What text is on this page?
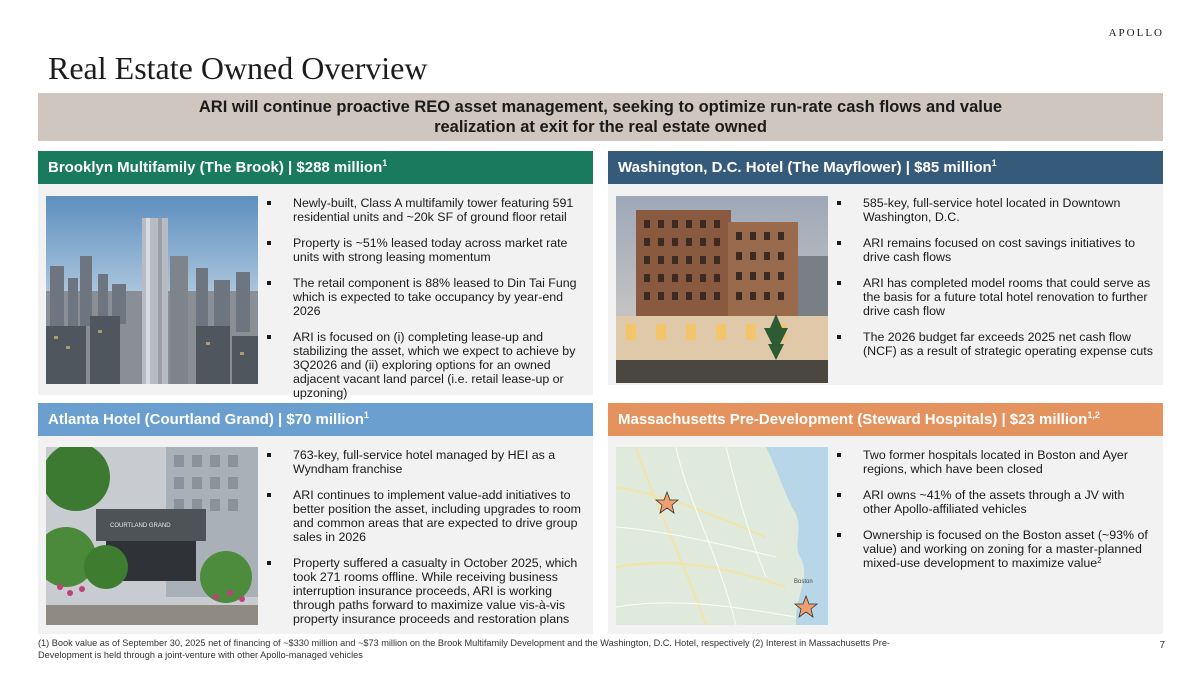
APOLLO
Real Estate Owned Overview
ARI will continue proactive REO asset management, seeking to optimize run-rate cash flows and value realization at exit for the real estate owned
Brooklyn Multifamily (The Brook) | $288 million$^1$
Newly-built, Class A multifamily tower featuring 591 residential units and ~20k SF of ground floor retail
Property is ~51% leased today across market rate units with strong leasing momentum
The retail component is 88% leased to Din Tai Fung which is expected to take occupancy by year-end 2026
ARI is focused on (i) completing lease-up and stabilizing the asset, which we expect to achieve by 3Q2026 and (ii) exploring options for an owned adjacent vacant land parcel (i.e. retail lease-up or upzoning)
Washington, D.C. Hotel (The Mayflower) | $85 million$^1$
585-key, full-service hotel located in Downtown Washington, D.C.
ARI remains focused on cost savings initiatives to drive cash flows
ARI has completed model rooms that could serve as the basis for a future total hotel renovation to further drive cash flow
The 2026 budget far exceeds 2025 net cash flow (NCF) as a result of strategic operating expense cuts
Atlanta Hotel (Courtland Grand) | $70 million$^1$
COURTLAND GRAND
763-key, full-service hotel managed by HEI as a Wyndham franchise
ARI continues to implement value-add initiatives to better position the asset, including upgrades to room and common areas that are expected to drive group sales in 2026
Property suffered a casualty in October 2025, which took 271 rooms offline. While receiving business interruption insurance proceeds, ARI is working through paths forward to maximize value vis-à-vis property insurance proceeds and restoration plans
Massachusetts Pre-Development (Steward Hospitals) | $23 million$^{1,2}$
Boston
Two former hospitals located in Boston and Ayer regions, which have been closed
ARI owns ~41% of the assets through a JV with other Apollo-affiliated vehicles
Ownership is focused on the Boston asset (~93% of value) and working on zoning for a master-planned mixed-use development to maximize value$^2$
(1) Book value as of September 30, 2025 net of financing of ~$330 million and ~$73 million on the Brook Multifamily Development and the Washington, D.C. Hotel, respectively (2) Interest in Massachusetts Pre-Development is held through a joint-venture with other Apollo-managed vehicles
7
